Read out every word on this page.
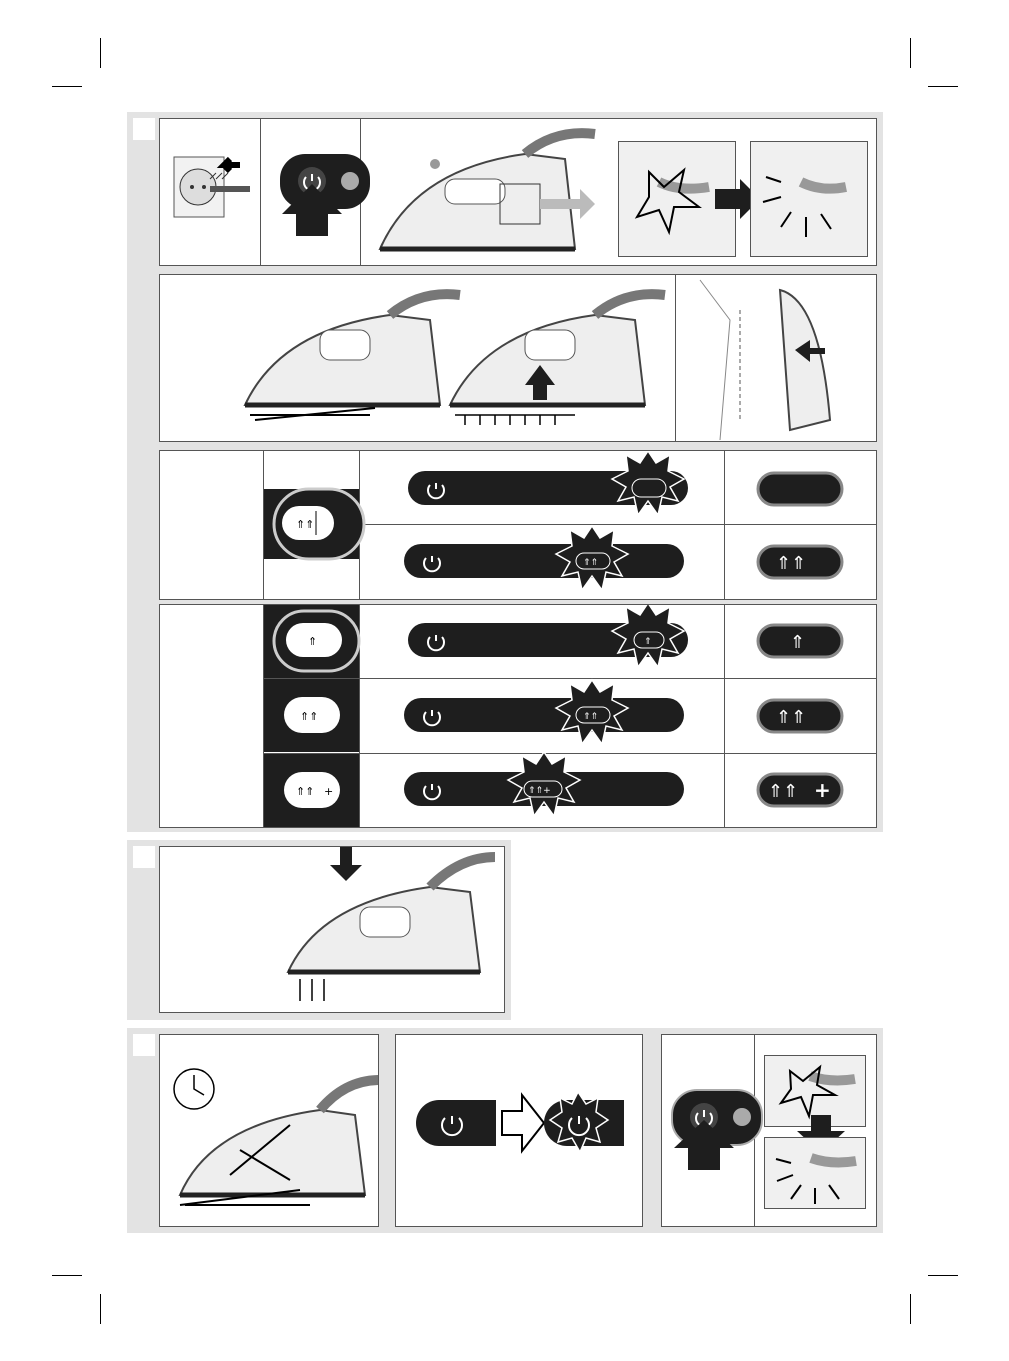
⇑⇑
⇑⇑	⇑⇑
⇑
⇑⇑
⇑⇑ +
⇑
⇑⇑
⇑⇑+
⇑
⇑⇑
⇑⇑ +
